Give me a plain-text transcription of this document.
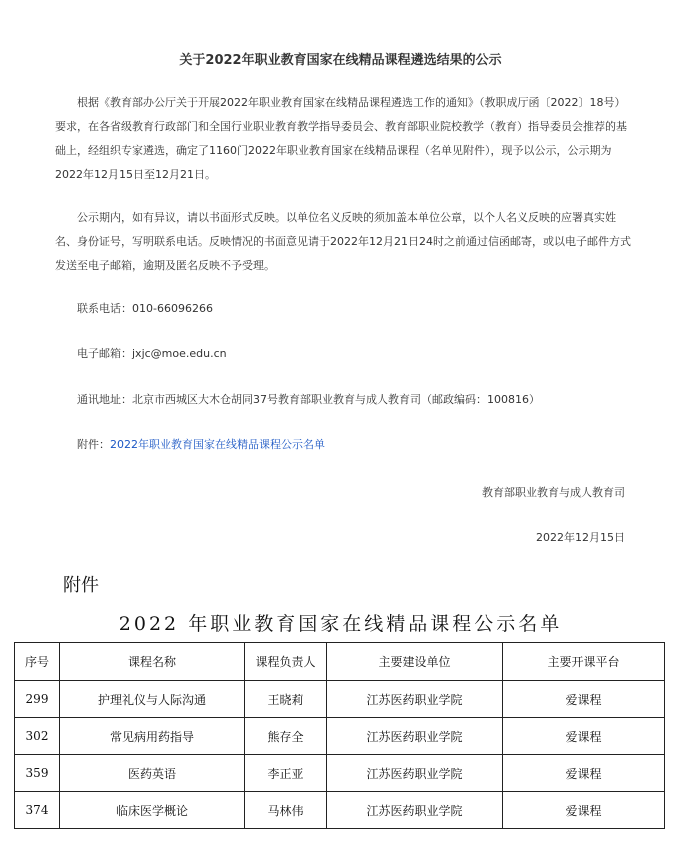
关于2022年职业教育国家在线精品课程遴选结果的公示

根据《教育部办公厅关于开展2022年职业教育国家在线精品课程遴选工作的通知》（教职成厅函〔2022〕18号）要求，在各省级教育行政部门和全国行业职业教育教学指导委员会、教育部职业院校教学（教育）指导委员会推荐的基础上，经组织专家遴选，确定了1160门2022年职业教育国家在线精品课程（名单见附件），现予以公示，公示期为2022年12月15日至12月21日。

公示期内，如有异议，请以书面形式反映。以单位名义反映的须加盖本单位公章，以个人名义反映的应署真实姓名、身份证号，写明联系电话。反映情况的书面意见请于2022年12月21日24时之前通过信函邮寄，或以电子邮件方式发送至电子邮箱，逾期及匿名反映不予受理。

联系电话：010-66096266
电子邮箱：jxjc@moe.edu.cn
通讯地址：北京市西城区大木仓胡同37号教育部职业教育与成人教育司（邮政编码：100816）
附件：2022年职业教育国家在线精品课程公示名单
教育部职业教育与成人教育司
2022年12月15日
附件
2022 年职业教育国家在线精品课程公示名单
序号	课程名称	课程负责人	主要建设单位	主要开课平台
299	护理礼仪与人际沟通	王晓莉	江苏医药职业学院	爱课程
302	常见病用药指导	熊存全	江苏医药职业学院	爱课程
359	医药英语	李正亚	江苏医药职业学院	爱课程
374	临床医学概论	马林伟	江苏医药职业学院	爱课程
